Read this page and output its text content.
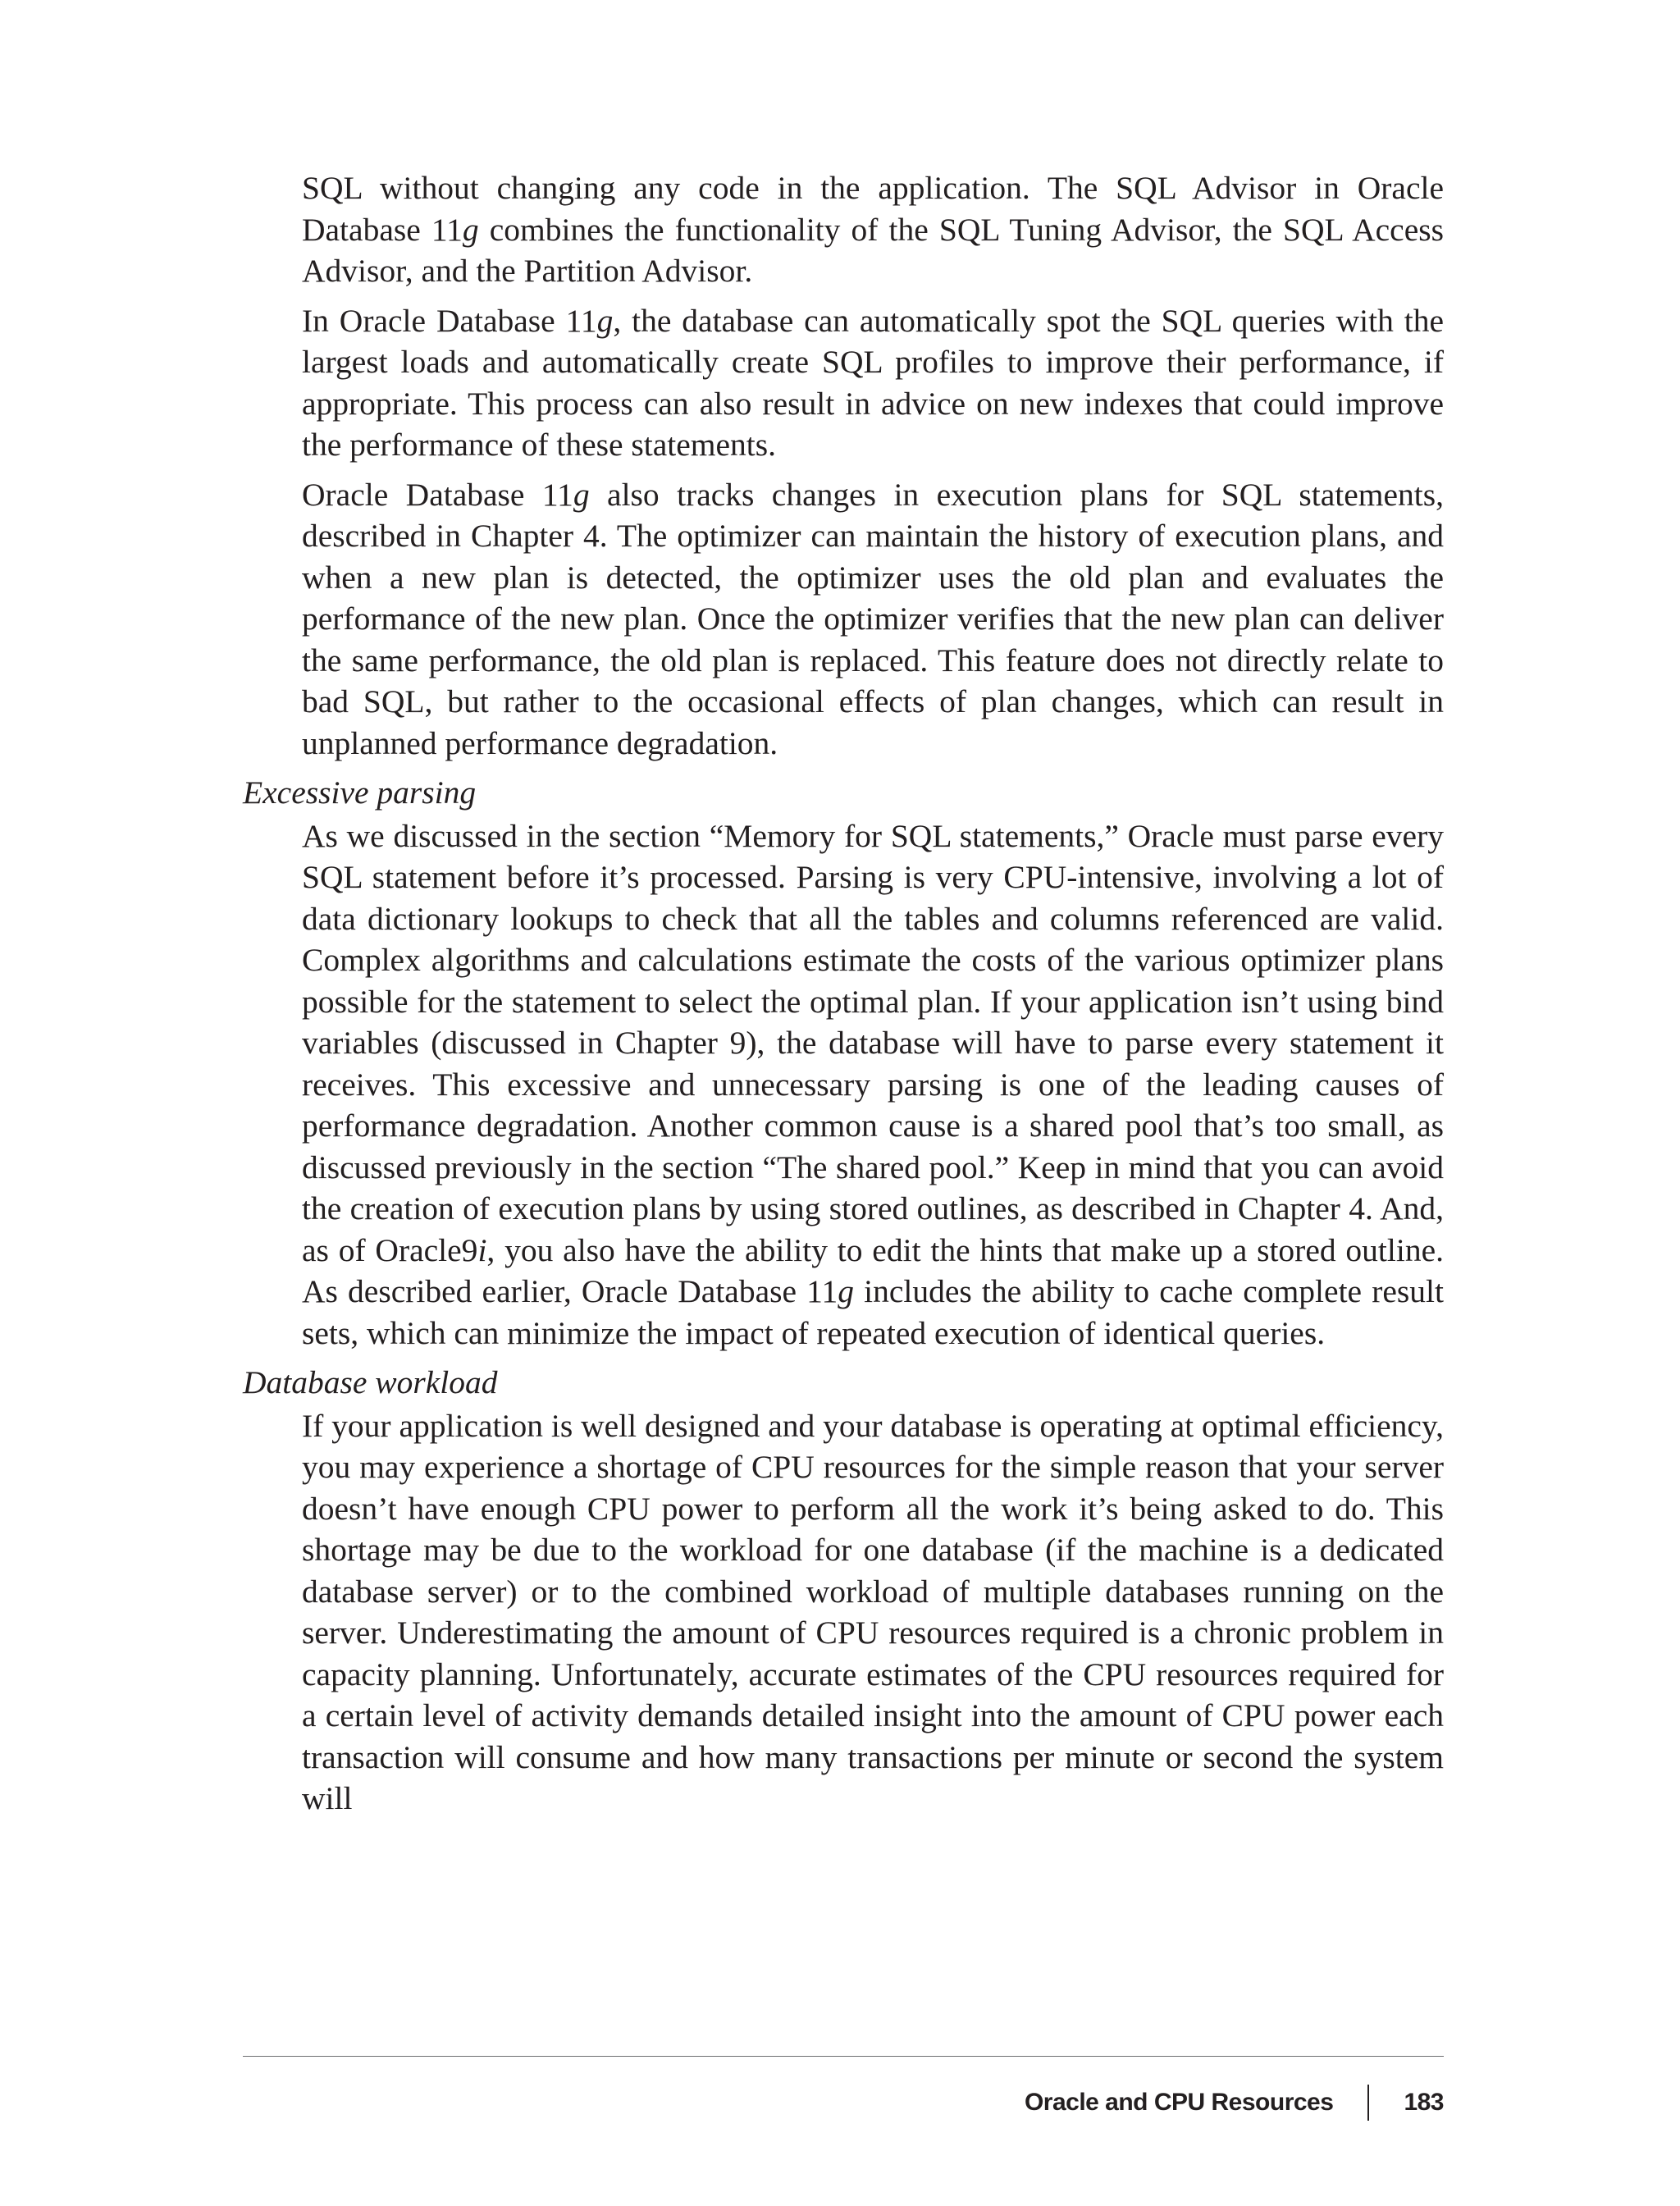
SQL without changing any code in the application. The SQL Advisor in Oracle Database 11g combines the functionality of the SQL Tuning Advisor, the SQL Access Advisor, and the Partition Advisor.

In Oracle Database 11g, the database can automatically spot the SQL queries with the largest loads and automatically create SQL profiles to improve their performance, if appropriate. This process can also result in advice on new indexes that could improve the performance of these statements.

Oracle Database 11g also tracks changes in execution plans for SQL statements, described in Chapter 4. The optimizer can maintain the history of execution plans, and when a new plan is detected, the optimizer uses the old plan and evaluates the performance of the new plan. Once the optimizer verifies that the new plan can deliver the same performance, the old plan is replaced. This feature does not directly relate to bad SQL, but rather to the occasional effects of plan changes, which can result in unplanned performance degradation.

Excessive parsing

As we discussed in the section “Memory for SQL statements,” Oracle must parse every SQL statement before it’s processed. Parsing is very CPU-intensive, involving a lot of data dictionary lookups to check that all the tables and columns referenced are valid. Complex algorithms and calculations estimate the costs of the various optimizer plans possible for the statement to select the optimal plan. If your application isn’t using bind variables (discussed in Chapter 9), the database will have to parse every statement it receives. This excessive and unnecessary parsing is one of the leading causes of performance degradation. Another common cause is a shared pool that’s too small, as discussed previously in the section “The shared pool.” Keep in mind that you can avoid the creation of execution plans by using stored outlines, as described in Chapter 4. And, as of Oracle9i, you also have the ability to edit the hints that make up a stored outline. As described earlier, Oracle Database 11g includes the ability to cache complete result sets, which can minimize the impact of repeated execution of identical queries.

Database workload

If your application is well designed and your database is operating at optimal efficiency, you may experience a shortage of CPU resources for the simple reason that your server doesn’t have enough CPU power to perform all the work it’s being asked to do. This shortage may be due to the workload for one database (if the machine is a dedicated database server) or to the combined workload of multiple databases running on the server. Underestimating the amount of CPU resources required is a chronic problem in capacity planning. Unfortunately, accurate estimates of the CPU resources required for a certain level of activity demands detailed insight into the amount of CPU power each transaction will consume and how many transactions per minute or second the system will

Oracle and CPU Resources	183
